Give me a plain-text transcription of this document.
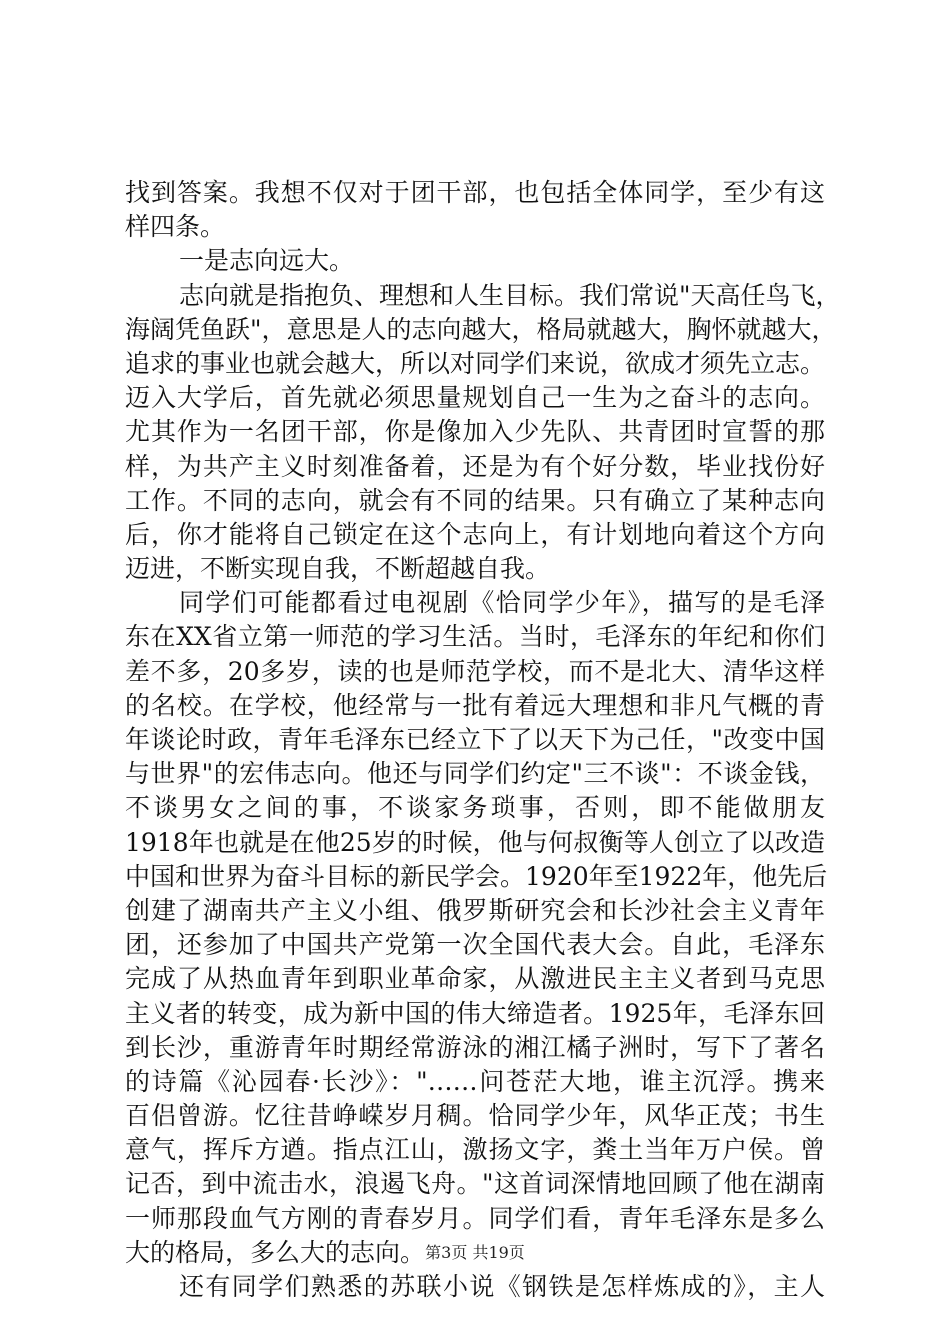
找到答案。我想不仅对于团干部，也包括全体同学，至少有这
样四条。
一是志向远大。
志向就是指抱负、理想和人生目标。我们常说"天高任鸟飞，
海阔凭鱼跃"，意思是人的志向越大，格局就越大，胸怀就越大，
追求的事业也就会越大，所以对同学们来说，欲成才须先立志。
迈入大学后，首先就必须思量规划自己一生为之奋斗的志向。
尤其作为一名团干部，你是像加入少先队、共青团时宣誓的那
样，为共产主义时刻准备着，还是为有个好分数，毕业找份好
工作。不同的志向，就会有不同的结果。只有确立了某种志向
后，你才能将自己锁定在这个志向上，有计划地向着这个方向
迈进，不断实现自我，不断超越自我。
同学们可能都看过电视剧《恰同学少年》，描写的是毛泽
东在XX省立第一师范的学习生活。当时，毛泽东的年纪和你们
差不多，20多岁，读的也是师范学校，而不是北大、清华这样
的名校。在学校，他经常与一批有着远大理想和非凡气概的青
年谈论时政，青年毛泽东已经立下了以天下为己任，"改变中国
与世界"的宏伟志向。他还与同学们约定"三不谈"：不谈金钱，
不谈男女之间的事，不谈家务琐事，否则，即不能做朋友
1918年也就是在他25岁的时候，他与何叔衡等人创立了以改造
中国和世界为奋斗目标的新民学会。1920年至1922年，他先后
创建了湖南共产主义小组、俄罗斯研究会和长沙社会主义青年
团，还参加了中国共产党第一次全国代表大会。自此，毛泽东
完成了从热血青年到职业革命家，从激进民主主义者到马克思
主义者的转变，成为新中国的伟大缔造者。1925年，毛泽东回
到长沙，重游青年时期经常游泳的湘江橘子洲时，写下了著名
的诗篇《沁园春·长沙》："……问苍茫大地，谁主沉浮。携来
百侣曾游。忆往昔峥嵘岁月稠。恰同学少年，风华正茂；书生
意气，挥斥方遒。指点江山，激扬文字，粪土当年万户侯。曾
记否，到中流击水，浪遏飞舟。"这首词深情地回顾了他在湖南
一师那段血气方刚的青春岁月。同学们看，青年毛泽东是多么
大的格局，多么大的志向。
还有同学们熟悉的苏联小说《钢铁是怎样炼成的》，主人
第3页 共19页
